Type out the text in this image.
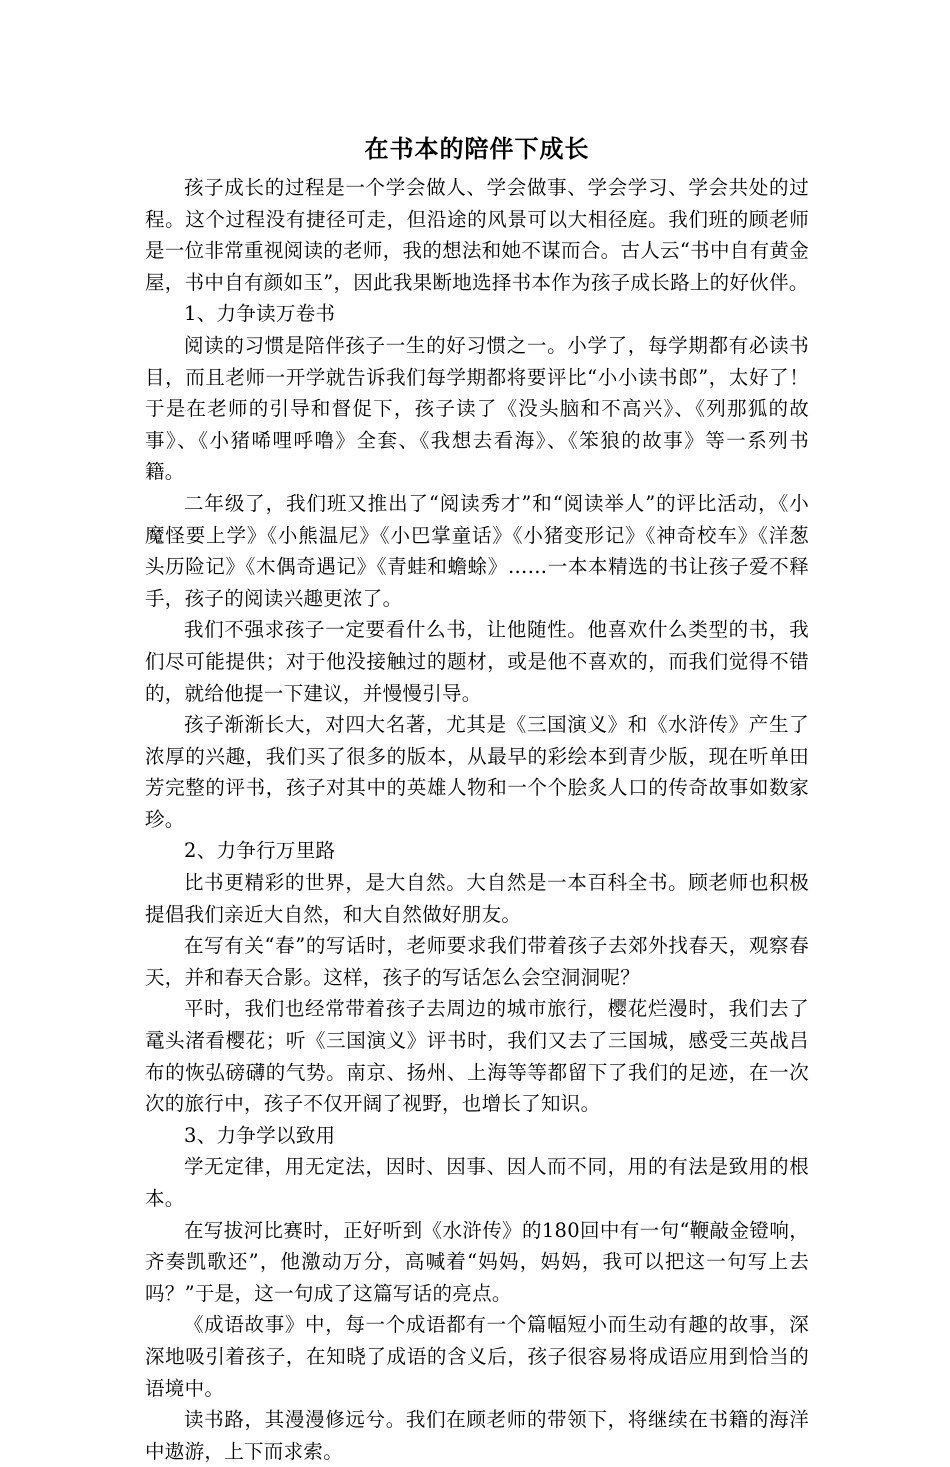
在书本的陪伴下成长

孩子成长的过程是一个学会做人、学会做事、学会学习、学会共处的过程。这个过程没有捷径可走，但沿途的风景可以大相径庭。我们班的顾老师是一位非常重视阅读的老师，我的想法和她不谋而合。古人云“书中自有黄金屋，书中自有颜如玉”，因此我果断地选择书本作为孩子成长路上的好伙伴。

1、力争读万卷书

阅读的习惯是陪伴孩子一生的好习惯之一。小学了，每学期都有必读书目，而且老师一开学就告诉我们每学期都将要评比“小小读书郎”，太好了！于是在老师的引导和督促下，孩子读了《没头脑和不高兴》、《列那狐的故事》、《小猪唏哩呼噜》全套、《我想去看海》、《笨狼的故事》等一系列书籍。

二年级了，我们班又推出了“阅读秀才”和“阅读举人”的评比活动，《小魔怪要上学》《小熊温尼》《小巴掌童话》《小猪变形记》《神奇校车》《洋葱头历险记》《木偶奇遇记》《青蛙和蟾蜍》……一本本精选的书让孩子爱不释手，孩子的阅读兴趣更浓了。

我们不强求孩子一定要看什么书，让他随性。他喜欢什么类型的书，我们尽可能提供；对于他没接触过的题材，或是他不喜欢的，而我们觉得不错的，就给他提一下建议，并慢慢引导。

孩子渐渐长大，对四大名著，尤其是《三国演义》和《水浒传》产生了浓厚的兴趣，我们买了很多的版本，从最早的彩绘本到青少版，现在听单田芳完整的评书，孩子对其中的英雄人物和一个个脍炙人口的传奇故事如数家珍。

2、力争行万里路

比书更精彩的世界，是大自然。大自然是一本百科全书。顾老师也积极提倡我们亲近大自然，和大自然做好朋友。

在写有关“春”的写话时，老师要求我们带着孩子去郊外找春天，观察春天，并和春天合影。这样，孩子的写话怎么会空洞洞呢？

平时，我们也经常带着孩子去周边的城市旅行，樱花烂漫时，我们去了鼋头渚看樱花；听《三国演义》评书时，我们又去了三国城，感受三英战吕布的恢弘磅礴的气势。南京、扬州、上海等等都留下了我们的足迹，在一次次的旅行中，孩子不仅开阔了视野，也增长了知识。

3、力争学以致用

学无定律，用无定法，因时、因事、因人而不同，用的有法是致用的根本。

在写拔河比赛时，正好听到《水浒传》的180回中有一句“鞭敲金镫响，齐奏凯歌还”，他激动万分，高喊着“妈妈，妈妈，我可以把这一句写上去吗？”于是，这一句成了这篇写话的亮点。

《成语故事》中，每一个成语都有一个篇幅短小而生动有趣的故事，深深地吸引着孩子，在知晓了成语的含义后，孩子很容易将成语应用到恰当的语境中。

读书路，其漫漫修远兮。我们在顾老师的带领下，将继续在书籍的海洋中遨游，上下而求索。
